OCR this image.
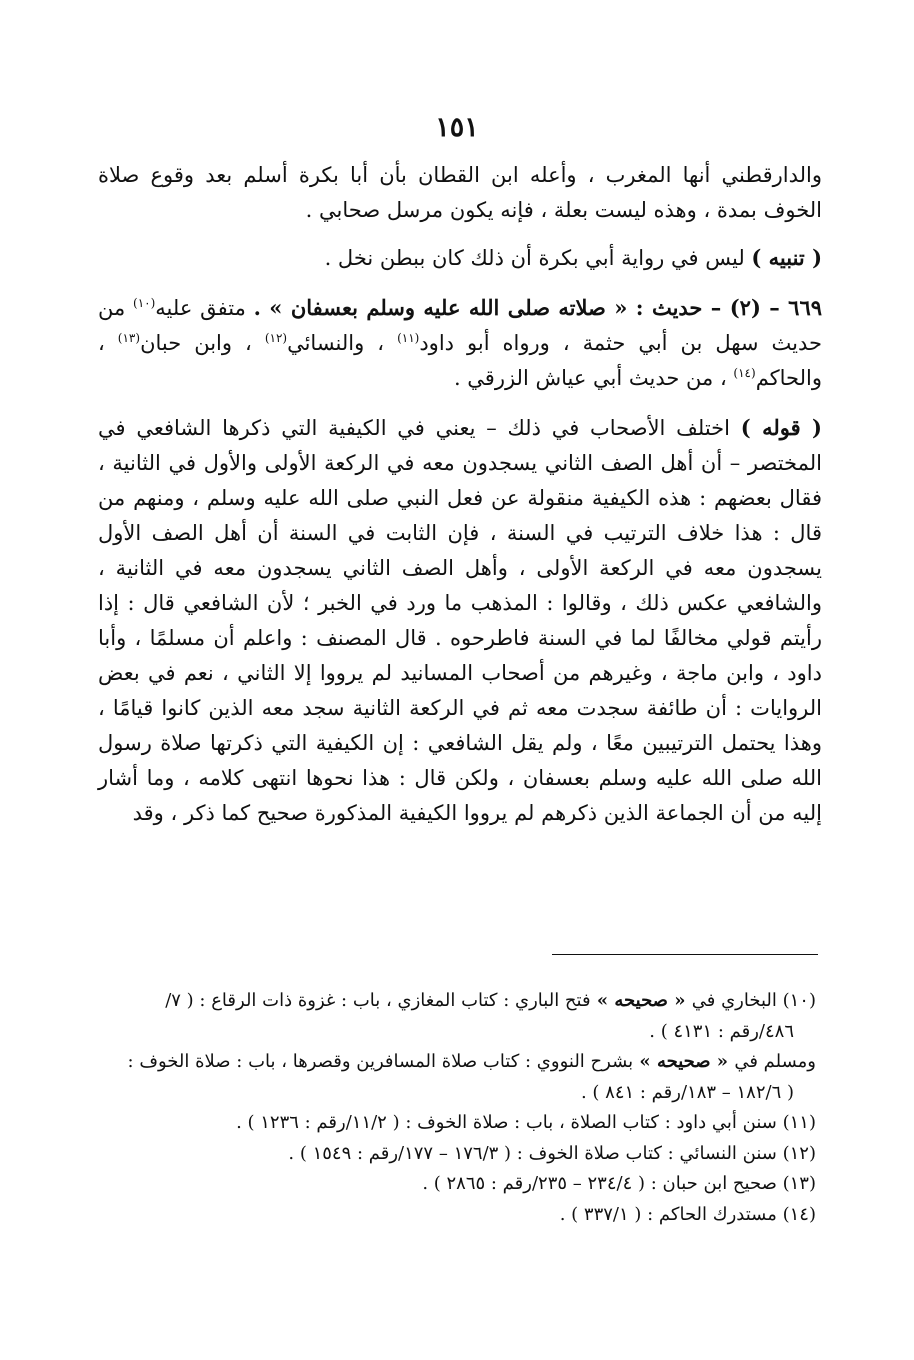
١٥١

والدارقطني أنها المغرب ، وأعله ابن القطان بأن أبا بكرة أسلم بعد وقوع صلاة الخوف بمدة ، وهذه ليست بعلة ، فإنه يكون مرسل صحابي .

( تنبيه ) ليس في رواية أبي بكرة أن ذلك كان ببطن نخل .

٦٦٩ – (٢) – حديث : « صلاته صلى الله عليه وسلم بعسفان » . متفق عليه$^{(١٠)}$ من حديث سهل بن أبي حثمة ، ورواه أبو داود$^{(١١)}$ ، والنسائي$^{(١٢)}$ ، وابن حبان$^{(١٣)}$ ، والحاكم$^{(١٤)}$ ، من حديث أبي عياش الزرقي .

( قوله ) اختلف الأصحاب في ذلك – يعني في الكيفية التي ذكرها الشافعي في المختصر – أن أهل الصف الثاني يسجدون معه في الركعة الأولى والأول في الثانية ، فقال بعضهم : هذه الكيفية منقولة عن فعل النبي صلى الله عليه وسلم ، ومنهم من قال : هذا خلاف الترتيب في السنة ، فإن الثابت في السنة أن أهل الصف الأول يسجدون معه في الركعة الأولى ، وأهل الصف الثاني يسجدون معه في الثانية ، والشافعي عكس ذلك ، وقالوا : المذهب ما ورد في الخبر ؛ لأن الشافعي قال : إذا رأيتم قولي مخالفًا لما في السنة فاطرحوه . قال المصنف : واعلم أن مسلمًا ، وأبا داود ، وابن ماجة ، وغيرهم من أصحاب المسانيد لم يرووا إلا الثاني ، نعم في بعض الروايات : أن طائفة سجدت معه ثم في الركعة الثانية سجد معه الذين كانوا قيامًا ، وهذا يحتمل الترتيبين معًا ، ولم يقل الشافعي : إن الكيفية التي ذكرتها صلاة رسول الله صلى الله عليه وسلم بعسفان ، ولكن قال : هذا نحوها انتهى كلامه ، وما أشار إليه من أن الجماعة الذين ذكرهم لم يرووا الكيفية المذكورة صحيح كما ذكر ، وقد

(١٠) البخاري في « صحيحه » فتح الباري : كتاب المغازي ، باب : غزوة ذات الرقاع : ( ٧/

٤٨٦/رقم : ٤١٣١ ) .

ومسلم في « صحيحه » بشرح النووي : كتاب صلاة المسافرين وقصرها ، باب : صلاة الخوف :

( ١٨٢/٦ – ١٨٣/رقم : ٨٤١ ) .

(١١) سنن أبي داود : كتاب الصلاة ، باب : صلاة الخوف : ( ١١/٢/رقم : ١٢٣٦ ) .

(١٢) سنن النسائي : كتاب صلاة الخوف : ( ١٧٦/٣ – ١٧٧/رقم : ١٥٤٩ ) .

(١٣) صحيح ابن حبان : ( ٢٣٤/٤ – ٢٣٥/رقم : ٢٨٦٥ ) .

(١٤) مستدرك الحاكم : ( ٣٣٧/١ ) .
